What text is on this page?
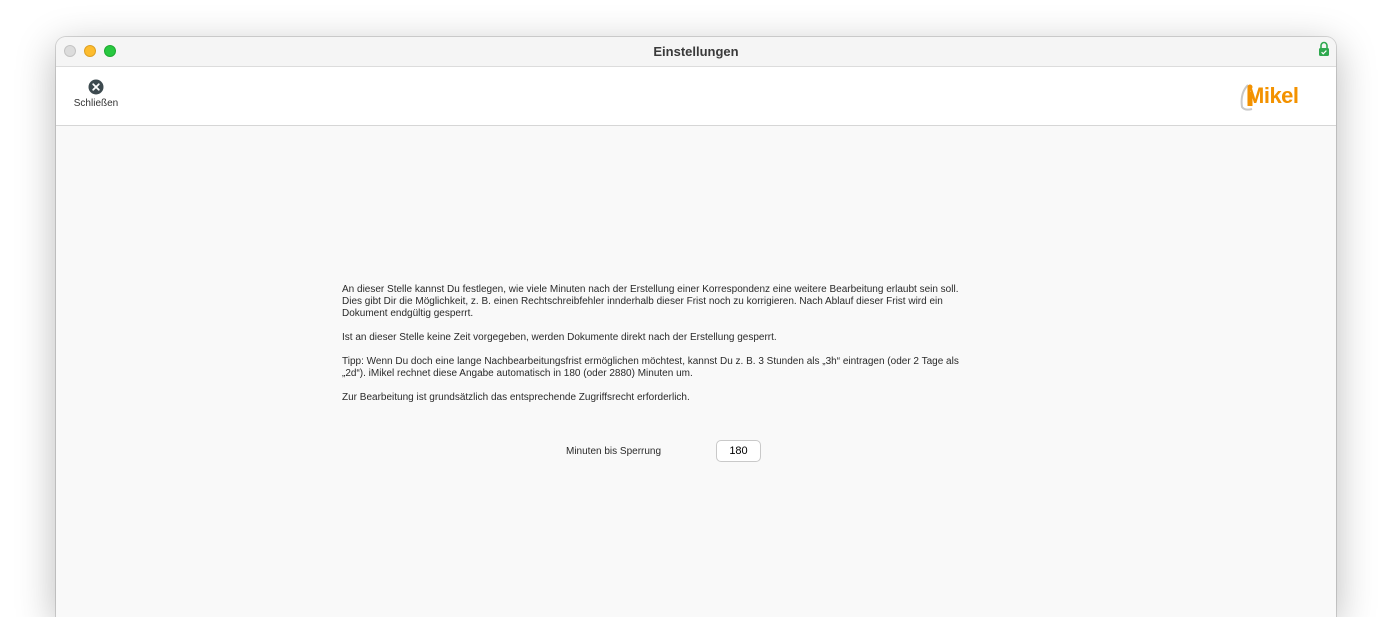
Einstellungen
Schließen	Mikel

An dieser Stelle kannst Du festlegen, wie viele Minuten nach der Erstellung einer Korrespondenz eine weitere Bearbeitung erlaubt sein soll.
Dies gibt Dir die Möglichkeit, z. B. einen Rechtschreibfehler innderhalb dieser Frist noch zu korrigieren. Nach Ablauf dieser Frist wird ein
Dokument endgültig gesperrt.

Ist an dieser Stelle keine Zeit vorgegeben, werden Dokumente direkt nach der Erstellung gesperrt.

Tipp: Wenn Du doch eine lange Nachbearbeitungsfrist ermöglichen möchtest, kannst Du z. B. 3 Stunden als „3h“ eintragen (oder 2 Tage als
„2d“). iMikel rechnet diese Angabe automatisch in 180 (oder 2880) Minuten um.

Zur Bearbeitung ist grundsätzlich das entsprechende Zugriffsrecht erforderlich.

Minuten bis Sperrung
180
